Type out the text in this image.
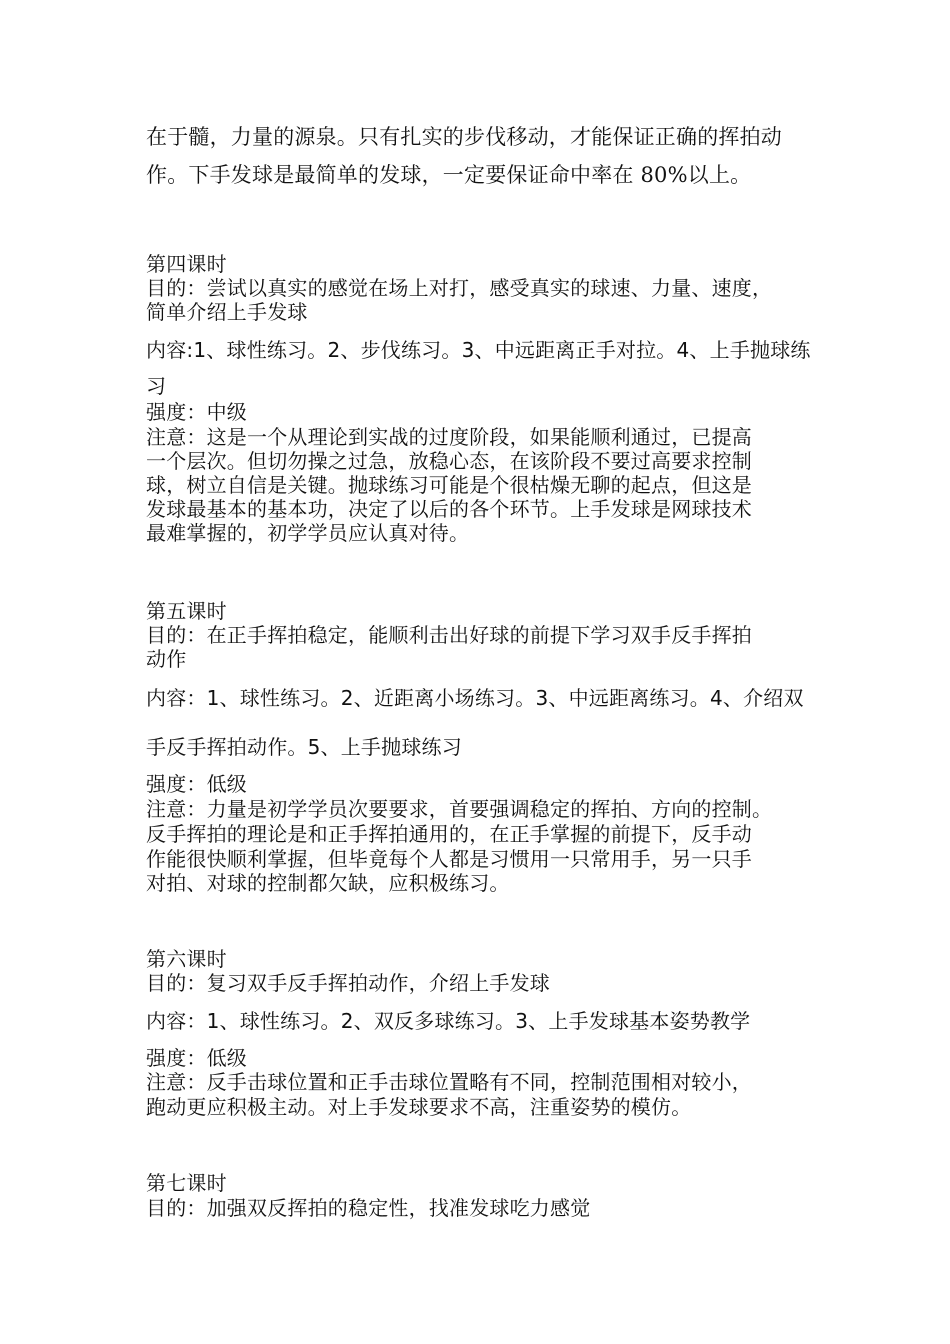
在于髓，力量的源泉。只有扎实的步伐移动，才能保证正确的挥拍动
作。下手发球是最简单的发球，一定要保证命中率在 80%以上。
第四课时
目的：尝试以真实的感觉在场上对打，感受真实的球速、力量、速度，
简单介绍上手发球
内容:1、球性练习。2、步伐练习。3、中远距离正手对拉。4、上手抛球练
习
强度：中级
注意：这是一个从理论到实战的过度阶段，如果能顺利通过，已提高
一个层次。但切勿操之过急，放稳心态，在该阶段不要过高要求控制
球，树立自信是关键。抛球练习可能是个很枯燥无聊的起点，但这是
发球最基本的基本功，决定了以后的各个环节。上手发球是网球技术
最难掌握的，初学学员应认真对待。
第五课时
目的：在正手挥拍稳定，能顺利击出好球的前提下学习双手反手挥拍
动作
内容：1、球性练习。2、近距离小场练习。3、中远距离练习。4、介绍双
手反手挥拍动作。5、上手抛球练习
强度：低级
注意：力量是初学学员次要要求，首要强调稳定的挥拍、方向的控制。
反手挥拍的理论是和正手挥拍通用的，在正手掌握的前提下，反手动
作能很快顺利掌握，但毕竟每个人都是习惯用一只常用手，另一只手
对拍、对球的控制都欠缺，应积极练习。
第六课时
目的：复习双手反手挥拍动作，介绍上手发球
内容：1、球性练习。2、双反多球练习。3、上手发球基本姿势教学
强度：低级
注意：反手击球位置和正手击球位置略有不同，控制范围相对较小，
跑动更应积极主动。对上手发球要求不高，注重姿势的模仿。
第七课时
目的：加强双反挥拍的稳定性，找准发球吃力感觉
